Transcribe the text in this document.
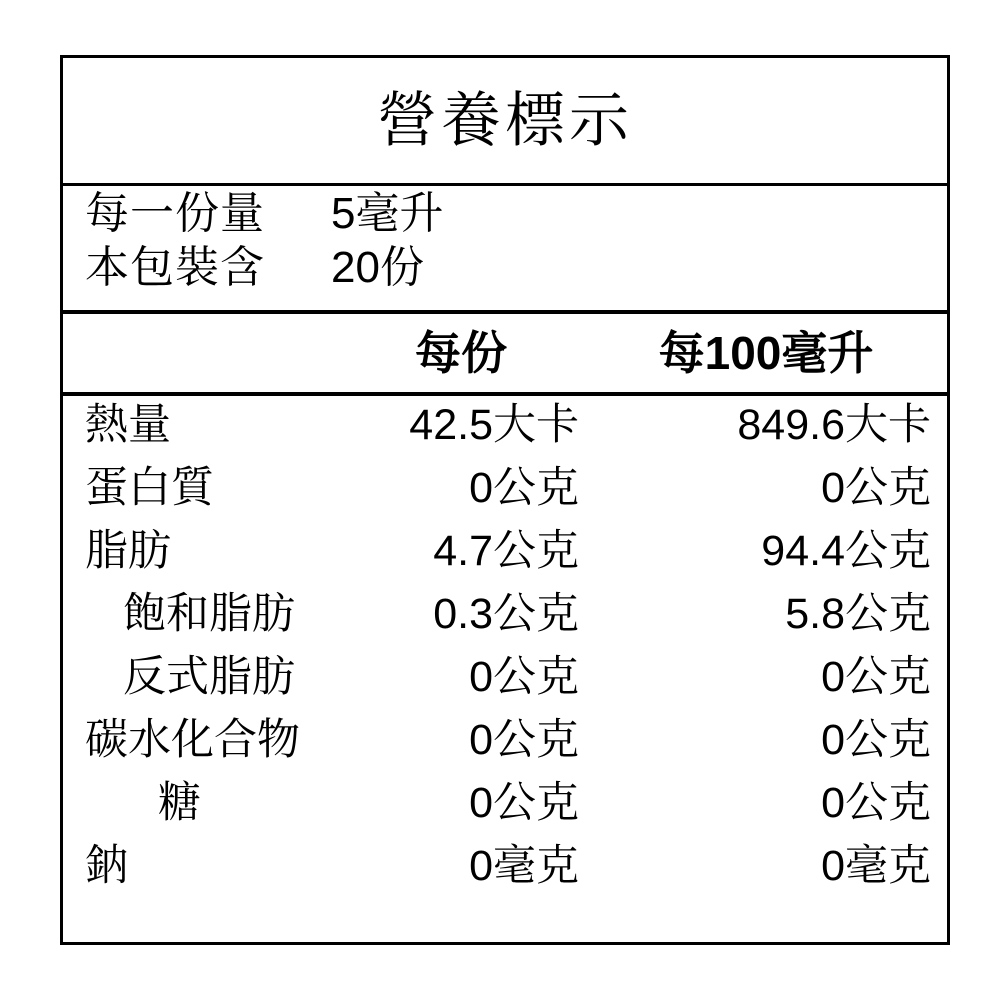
營養標示
每一份量	5毫升
本包裝含	20份
每份	每100毫升
熱量	42.5大卡	849.6大卡
蛋白質	0公克	0公克
脂肪	4.7公克	94.4公克
飽和脂肪	0.3公克	5.8公克
反式脂肪	0公克	0公克
碳水化合物	0公克	0公克
糖	0公克	0公克
鈉	0毫克	0毫克
